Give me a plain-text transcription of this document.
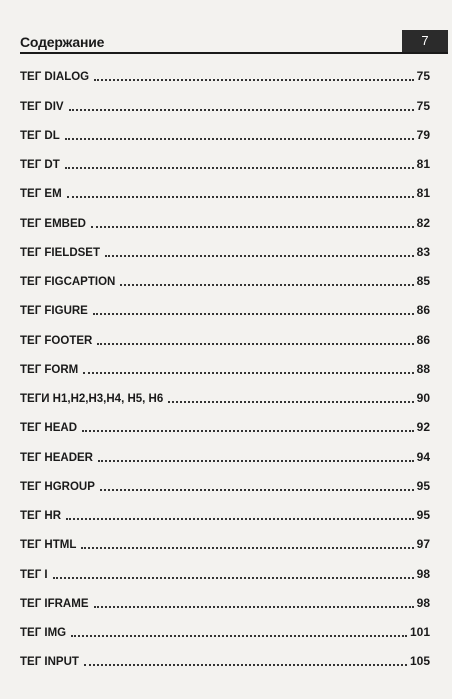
Содержание	7
ТЕГ DIALOG	75
ТЕГ DIV	75
ТЕГ DL	79
ТЕГ DT	81
ТЕГ ЕМ	81
ТЕГ EMBED	82
ТЕГ FIELDSET	83
ТЕГ FIGCAPTION	85
ТЕГ FIGURE	86
ТЕГ FOOTER	86
ТЕГ FORM	88
ТЕГИ H1,H2,H3,H4, H5, H6	90
ТЕГ HEAD	92
ТЕГ HEADER	94
ТЕГ HGROUP	95
ТЕГ HR	95
ТЕГ HTML	97
ТЕГ I	98
ТЕГ IFRAME	98
ТЕГ IMG	101
ТЕГ INPUT	105
